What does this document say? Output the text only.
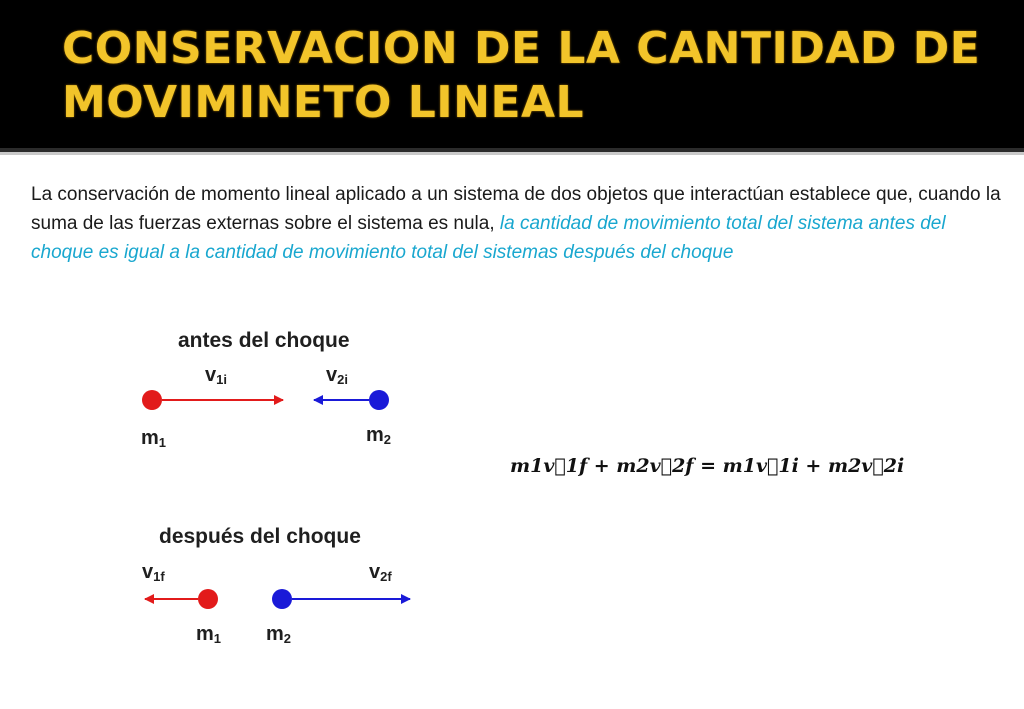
CONSERVACION DE LA CANTIDAD DE
MOVIMINETO LINEAL
La conservación de momento lineal aplicado a un sistema de dos objetos que interactúan establece que, cuando la suma de las fuerzas externas sobre el sistema es nula, la cantidad de movimiento total del sistema antes del choque es igual a la cantidad de movimiento total del sistemas después del choque
antes del choque
v1i	v2i
m1	m2
después del choque
v1f	v2f
m1 m2
m1v⃗1f + m2v⃗2f = m1v⃗1i + m2v⃗2i
